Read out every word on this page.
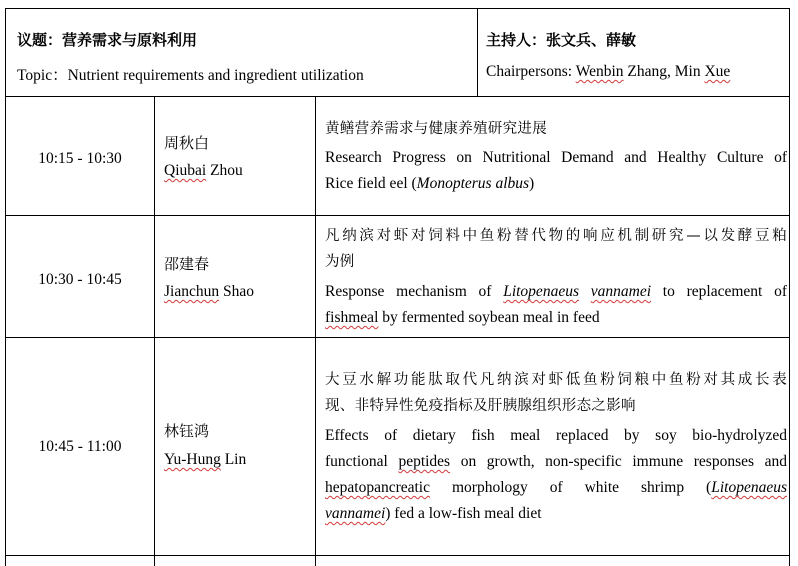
议题：营养需求与原料利用
Topic：Nutrient requirements and ingredient utilization
主持人：张文兵、薛敏
Chairpersons: Wenbin Zhang, Min Xue
10:15 - 10:30
周秋白
Qiubai Zhou
黄鳝营养需求与健康养殖研究进展
Research Progress on Nutritional Demand and Healthy Culture of
Rice field eel (Monopterus albus)
10:30 - 10:45
邵建春
Jianchun Shao
凡纳滨对虾对饲料中鱼粉替代物的响应机制研究—以发酵豆粕
为例
Response mechanism of Litopenaeus vannamei to replacement of
fishmeal by fermented soybean meal in feed
10:45 - 11:00
林钰鸿
Yu-Hung Lin
大豆水解功能肽取代凡纳滨对虾低鱼粉饲粮中鱼粉对其成长表
现、非特异性免疫指标及肝胰腺组织形态之影响
Effects of dietary fish meal replaced by soy bio-hydrolyzed
functional peptides on growth, non-specific immune responses and
hepatopancreatic morphology of white shrimp (Litopenaeus
vannamei) fed a low-fish meal diet
